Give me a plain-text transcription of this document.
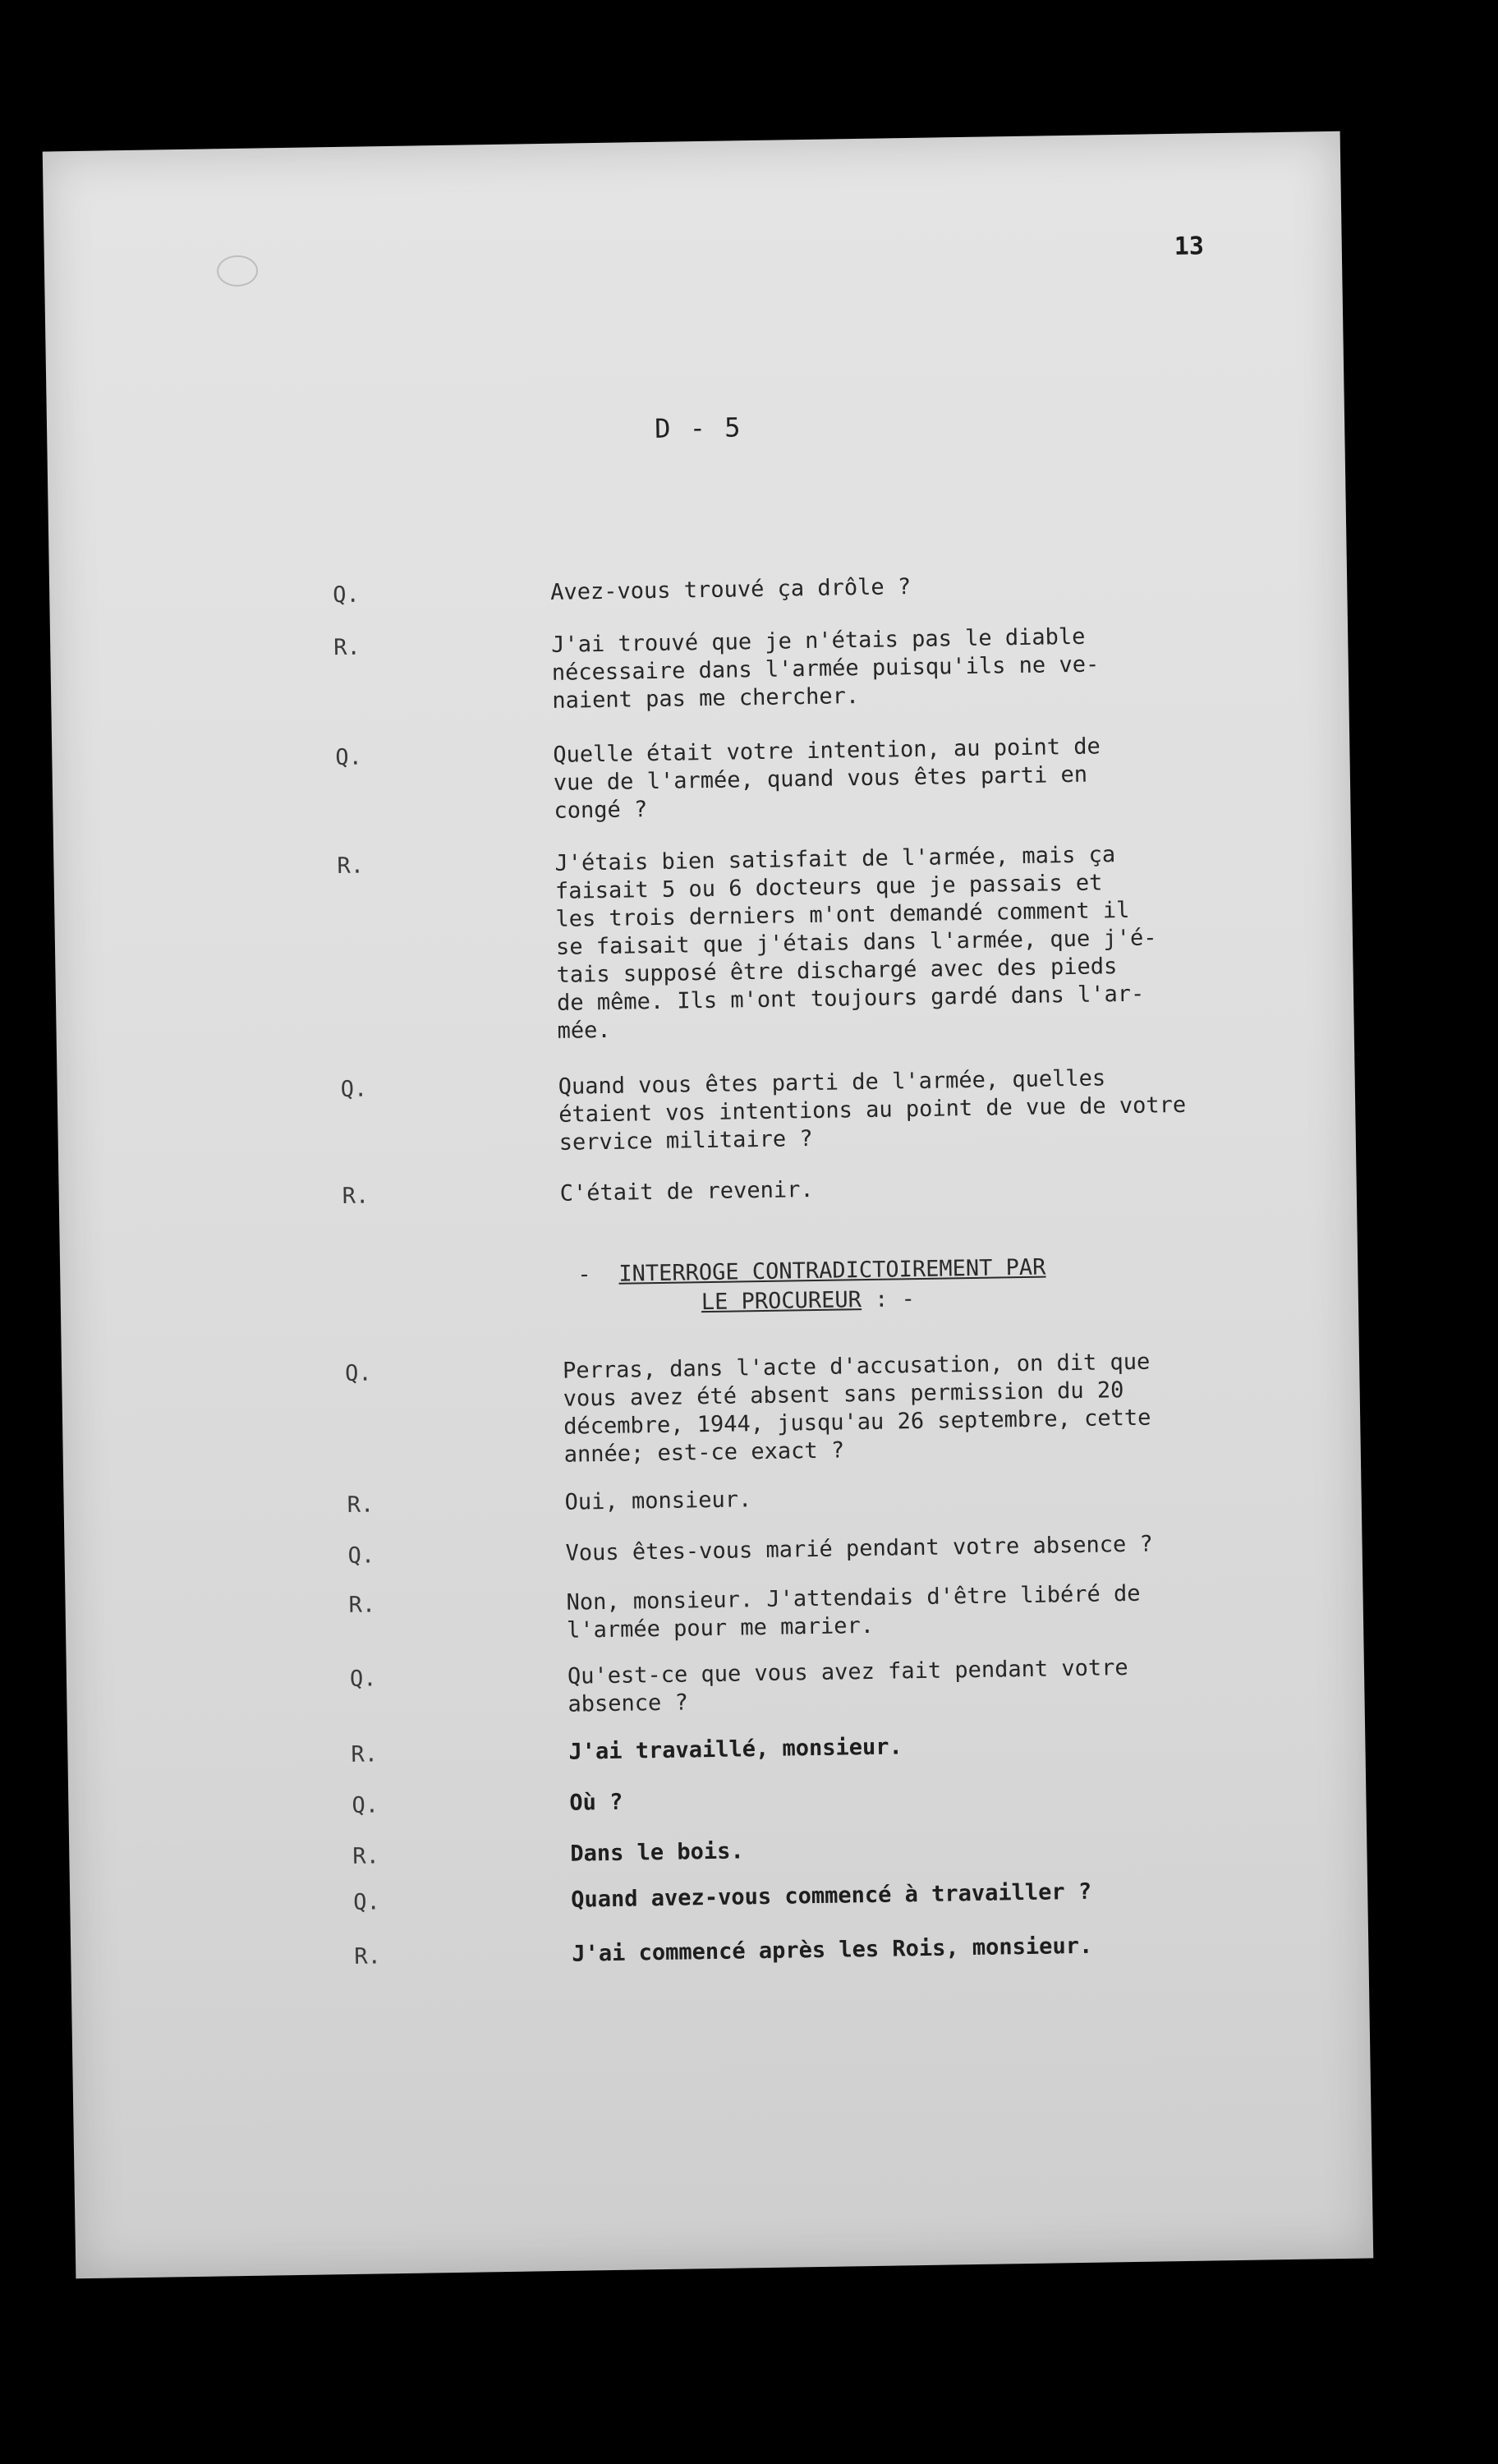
13
D - 5
Q.	Avez-vous trouvé ça drôle ?
R.	J'ai trouvé que je n'étais pas le diable
nécessaire dans l'armée puisqu'ils ne ve-
naient pas me chercher.
Q.	Quelle était votre intention, au point de
vue de l'armée, quand vous êtes parti en
congé ?
R.	J'étais bien satisfait de l'armée, mais ça
faisait 5 ou 6 docteurs que je passais et
les trois derniers m'ont demandé comment il
se faisait que j'étais dans l'armée, que j'é-
tais supposé être dischargé avec des pieds
de même. Ils m'ont toujours gardé dans l'ar-
mée.
Q.	Quand vous êtes parti de l'armée, quelles
étaient vos intentions au point de vue de votre
service militaire ?
R.	C'était de revenir.
- INTERROGE CONTRADICTOIREMENT PAR
LE PROCUREUR : -
Q.	Perras, dans l'acte d'accusation, on dit que
vous avez été absent sans permission du 20
décembre, 1944, jusqu'au 26 septembre, cette
année; est-ce exact ?
R.	Oui, monsieur.
Q.	Vous êtes-vous marié pendant votre absence ?
R.	Non, monsieur. J'attendais d'être libéré de
l'armée pour me marier.
Q.	Qu'est-ce que vous avez fait pendant votre
absence ?
R.	J'ai travaillé, monsieur.
Q.	Où ?
R.	Dans le bois.
Q.	Quand avez-vous commencé à travailler ?
R.	J'ai commencé après les Rois, monsieur.
